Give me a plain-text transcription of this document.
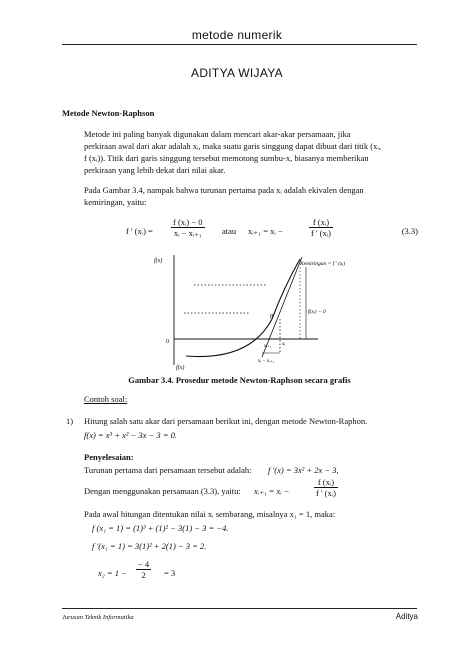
metode numerik
ADITYA WIJAYA
Metode Newton-Raphson

Metode ini paling banyak digunakan dalam mencari akar-akar persamaan, jika

perkiraan awal dari akar adalah xᵢ, maka suatu garis singgung dapat dibuat dari titik (xᵢ,

f (xᵢ)). Titik dari garis singgung tersebut memotong sumbu-x, biasanya memberikan

perkiraan yang lebih dekat dari nilai akar.

Pada Gambar 3.4, nampak bahwa turunan pertama pada xᵢ adalah ekivalen dengan

kemiringan, yaitu:

f ' (xᵢ) = $\frac{\text{f (xᵢ) − 0}}{\text{xᵢ − xᵢ₊₁}}$ atau xᵢ₊₁ = xᵢ −	$\frac{\text{f (xᵢ)}}{\text{f ' (xᵢ)}}$	(3.3)
f(x)	Kemiringan = f ' (xᵢ)
f(xᵢ) − 0
0
p
xᵢ
xᵢ₊₁
xᵢ − xᵢ₊₁
f(x)
Gambar 3.4. Prosedur metode Newton-Raphson secara grafis
Contoh soal:
1) Hitung salah satu akar dari persamaan berikut ini, dengan metode Newton-Raphon.
f(x) = x³ + x² − 3x − 3 = 0.
Penyelesaian:
Turunan pertama dari persamaan tersebut adalah: f '(x) = 3x² + 2x − 3,
Dengan menggunakan persamaan (3.3), yaitu: xᵢ₊₁ = xᵢ −	$\frac{\text{f (xᵢ)}}{\text{f ' (xᵢ)}}$
Pada awal hitungan ditentukan nilai xᵢ sembarang, misalnya x₁ = 1, maka:
f (x₁ = 1) = (1)³ + (1)² − 3(1) − 3 = −4.
f '(x₁ = 1) = 3(1)² + 2(1) − 3 = 2.
$x_2 = 1 - \frac{- 4}{2} = 3$
Jurusan Teknik Informatika	Aditya
